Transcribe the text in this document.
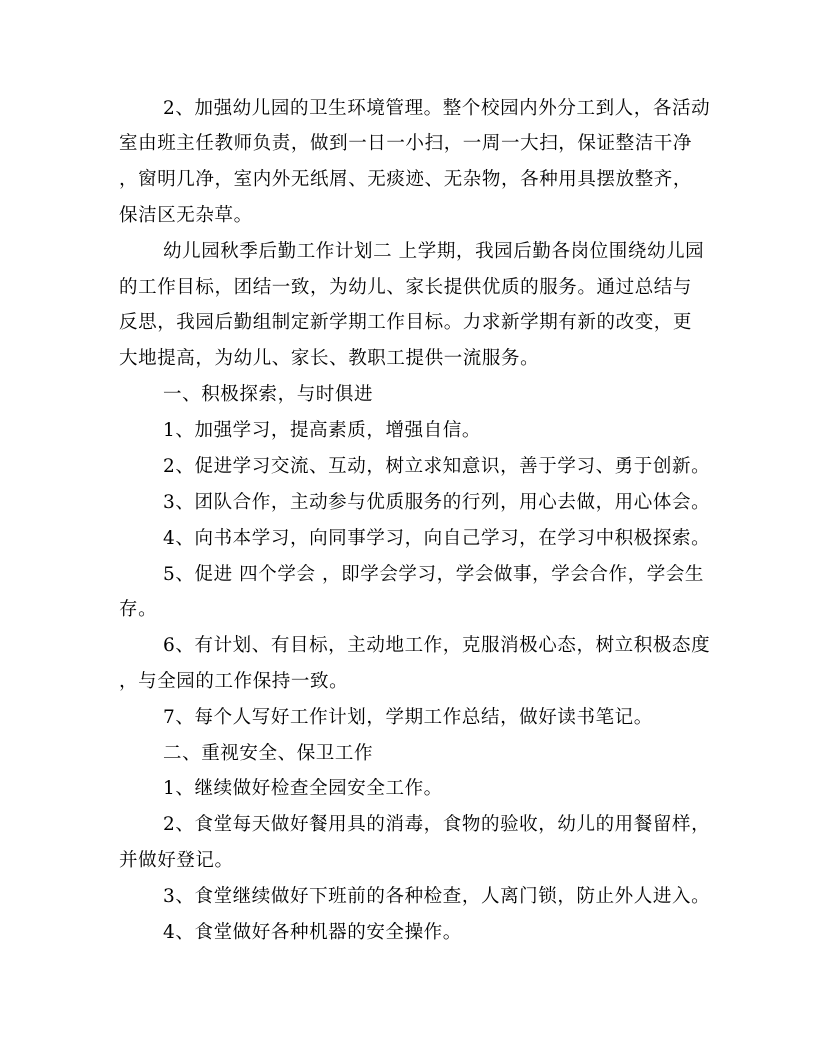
2、加强幼儿园的卫生环境管理。整个校园内外分工到人，各活动
室由班主任教师负责，做到一日一小扫，一周一大扫，保证整洁干净
，窗明几净，室内外无纸屑、无痰迹、无杂物，各种用具摆放整齐，
保洁区无杂草。
幼儿园秋季后勤工作计划二 上学期，我园后勤各岗位围绕幼儿园
的工作目标，团结一致，为幼儿、家长提供优质的服务。通过总结与
反思，我园后勤组制定新学期工作目标。力求新学期有新的改变，更
大地提高，为幼儿、家长、教职工提供一流服务。
一、积极探索，与时俱进
1、加强学习，提高素质，增强自信。
2、促进学习交流、互动，树立求知意识，善于学习、勇于创新。
3、团队合作，主动参与优质服务的行列，用心去做，用心体会。
4、向书本学习，向同事学习，向自己学习，在学习中积极探索。
5、促进 四个学会 ，即学会学习，学会做事，学会合作，学会生
存。
6、有计划、有目标，主动地工作，克服消极心态，树立积极态度
，与全园的工作保持一致。
7、每个人写好工作计划，学期工作总结，做好读书笔记。
二、重视安全、保卫工作
1、继续做好检查全园安全工作。
2、食堂每天做好餐用具的消毒，食物的验收，幼儿的用餐留样，
并做好登记。
3、食堂继续做好下班前的各种检查，人离门锁，防止外人进入。
4、食堂做好各种机器的安全操作。
